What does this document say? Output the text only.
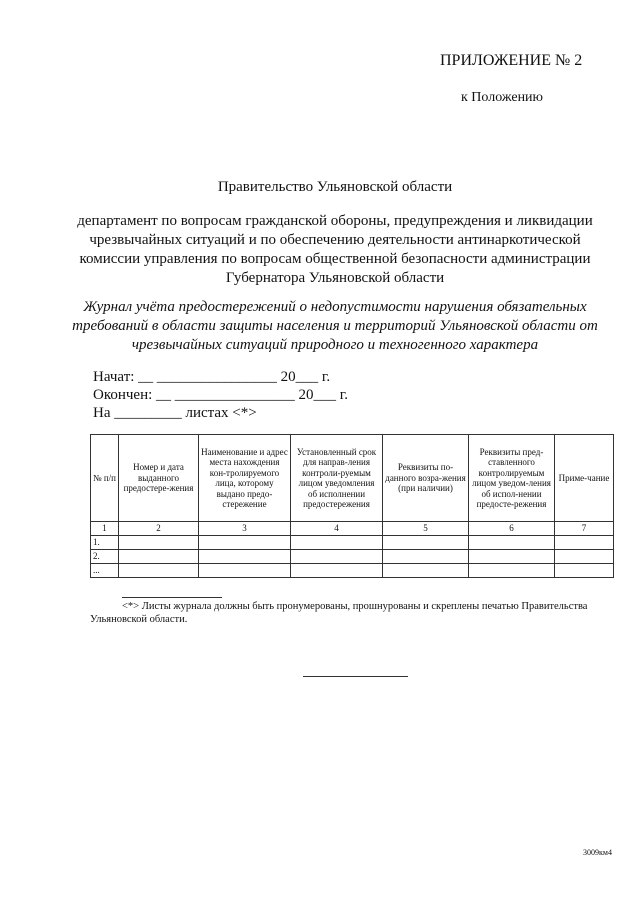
ПРИЛОЖЕНИЕ № 2
к Положению
Правительство Ульяновской области
департамент по вопросам гражданской обороны, предупреждения и ликвидации чрезвычайных ситуаций и по обеспечению деятельности антинаркотической комиссии управления по вопросам общественной безопасности администрации Губернатора Ульяновской области
Журнал учёта предостережений о недопустимости нарушения обязательных требований в области защиты населения и территорий Ульяновской области от чрезвычайных ситуаций природного и техногенного характера
Начат: __ ________________ 20___ г.
Окончен: __ ________________ 20___ г.
На _________ листах <*>
№ п/п	Номер и дата выданного предостере-жения	Наименование и адрес места нахождения кон-тролируемого лица, которому выдано предо-стережение	Установленный срок для направ-ления контроли-руемым лицом уведомления об исполнении предостережения	Реквизиты по-данного возра-жения (при наличии)	Реквизиты пред-ставленного контролируемым лицом уведом-ления об испол-нении предосте-режения	Приме-чание
1	2	3	4	5	6	7
1.						
2.						
...						
<*> Листы журнала должны быть пронумерованы, прошнурованы и скреплены печатью Правительства Ульяновской области.
3009км4
